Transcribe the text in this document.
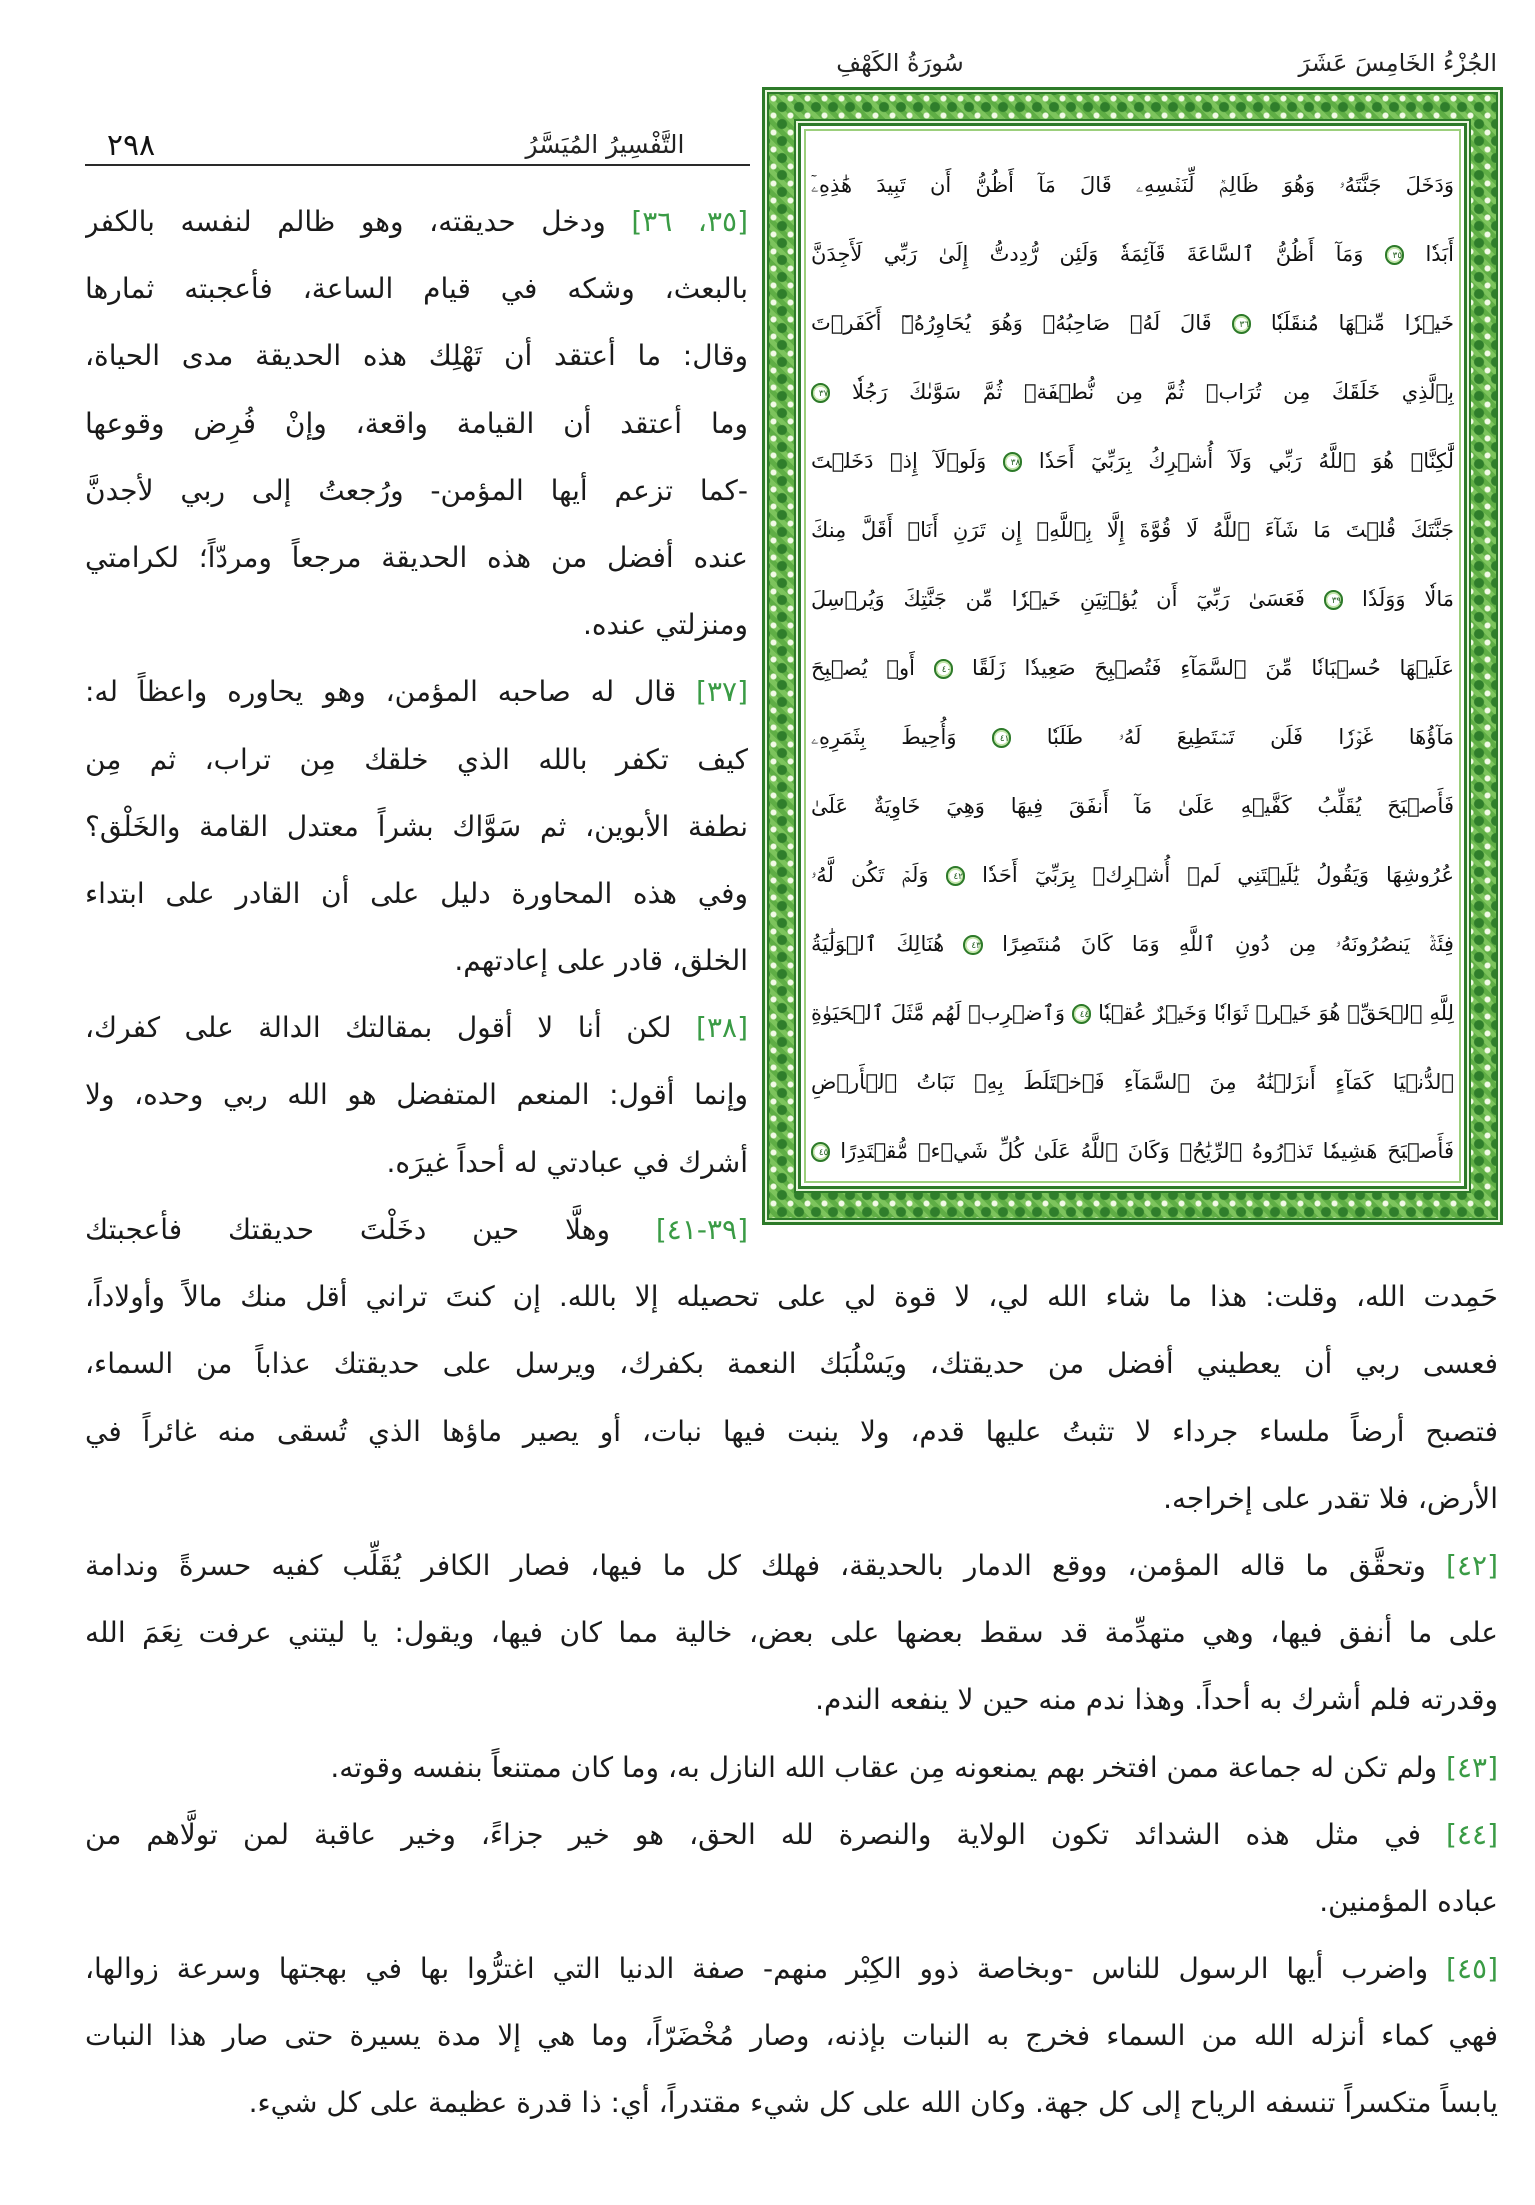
الجُزْءُ الخَامِسَ عَشَرَ
سُورَةُ الكَهْفِ
التَّفْسِيرُ المُيَسَّرُ
٢٩٨
وَدَخَلَ جَنَّتَهُۥ وَهُوَ ظَالِمٞ لِّنَفۡسِهِۦ قَالَ مَآ أَظُنُّ أَن تَبِيدَ هَٰذِهِۦٓ
أَبَدٗا ٣٥ وَمَآ أَظُنُّ ٱلسَّاعَةَ قَآئِمَةٗ وَلَئِن رُّدِدتُّ إِلَىٰ رَبِّي لَأَجِدَنَّ
خَيۡرٗا مِّنۡهَا مُنقَلَبٗا ٣٦ قَالَ لَهُۥ صَاحِبُهُۥ وَهُوَ يُحَاوِرُهُۥٓ أَكَفَرۡتَ
بِٱلَّذِي خَلَقَكَ مِن تُرَابٖ ثُمَّ مِن نُّطۡفَةٖ ثُمَّ سَوَّىٰكَ رَجُلٗا ٣٧
لَّٰكِنَّا۠ هُوَ ٱللَّهُ رَبِّي وَلَآ أُشۡرِكُ بِرَبِّيٓ أَحَدٗا ٣٨ وَلَوۡلَآ إِذۡ دَخَلۡتَ
جَنَّتَكَ قُلۡتَ مَا شَآءَ ٱللَّهُ لَا قُوَّةَ إِلَّا بِٱللَّهِۚ إِن تَرَنِ أَنَا۠ أَقَلَّ مِنكَ
مَالٗا وَوَلَدٗا ٣٩ فَعَسَىٰ رَبِّيٓ أَن يُؤۡتِيَنِ خَيۡرٗا مِّن جَنَّتِكَ وَيُرۡسِلَ
عَلَيۡهَا حُسۡبَانٗا مِّنَ ٱلسَّمَآءِ فَتُصۡبِحَ صَعِيدٗا زَلَقًا ٤٠ أَوۡ يُصۡبِحَ
مَآؤُهَا غَوۡرٗا فَلَن تَسۡتَطِيعَ لَهُۥ طَلَبٗا ٤١ وَأُحِيطَ بِثَمَرِهِۦ
فَأَصۡبَحَ يُقَلِّبُ كَفَّيۡهِ عَلَىٰ مَآ أَنفَقَ فِيهَا وَهِيَ خَاوِيَةٌ عَلَىٰ
عُرُوشِهَا وَيَقُولُ يَٰلَيۡتَنِي لَمۡ أُشۡرِكۡ بِرَبِّيٓ أَحَدٗا ٤٢ وَلَمۡ تَكُن لَّهُۥ
فِئَةٞ يَنصُرُونَهُۥ مِن دُونِ ٱللَّهِ وَمَا كَانَ مُنتَصِرًا ٤٣ هُنَالِكَ ٱلۡوَلَٰيَةُ
لِلَّهِ ٱلۡحَقِّۚ هُوَ خَيۡرٞ ثَوَابٗا وَخَيۡرٌ عُقۡبٗا ٤٤ وَٱضۡرِبۡ لَهُم مَّثَلَ ٱلۡحَيَوٰةِ
ٱلدُّنۡيَا كَمَآءٍ أَنزَلۡنَٰهُ مِنَ ٱلسَّمَآءِ فَٱخۡتَلَطَ بِهِۦ نَبَاتُ ٱلۡأَرۡضِ
فَأَصۡبَحَ هَشِيمٗا تَذۡرُوهُ ٱلرِّيَٰحُۗ وَكَانَ ٱللَّهُ عَلَىٰ كُلِّ شَيۡءٖ مُّقۡتَدِرًا ٤٥
[٣٥، ٣٦] ودخل حديقته، وهو ظالم لنفسه بالكفر
بالبعث، وشكه في قيام الساعة، فأعجبته ثمارها
وقال: ما أعتقد أن تَهْلِك هذه الحديقة مدى الحياة،
وما أعتقد أن القيامة واقعة، وإنْ فُرِض وقوعها
-كما تزعم أيها المؤمن- ورُجعتُ إلى ربي لأجدنَّ
عنده أفضل من هذه الحديقة مرجعاً ومردّاً؛ لكرامتي
ومنزلتي عنده.
[٣٧] قال له صاحبه المؤمن، وهو يحاوره واعظاً له:
كيف تكفر بالله الذي خلقك مِن تراب، ثم مِن
نطفة الأبوين، ثم سَوَّاك بشراً معتدل القامة والخَلْق؟
وفي هذه المحاورة دليل على أن القادر على ابتداء
الخلق، قادر على إعادتهم.
[٣٨] لكن أنا لا أقول بمقالتك الدالة على كفرك،
وإنما أقول: المنعم المتفضل هو الله ربي وحده، ولا
أشرك في عبادتي له أحداً غيرَه.
[٣٩-٤١] وهلَّا حين دخَلْتَ حديقتك فأعجبتك
حَمِدت الله، وقلت: هذا ما شاء الله لي، لا قوة لي على تحصيله إلا بالله. إن كنتَ تراني أقل منك مالاً وأولاداً،
فعسى ربي أن يعطيني أفضل من حديقتك، ويَسْلُبَك النعمة بكفرك، ويرسل على حديقتك عذاباً من السماء،
فتصبح أرضاً ملساء جرداء لا تثبتُ عليها قدم، ولا ينبت فيها نبات، أو يصير ماؤها الذي تُسقى منه غائراً في
الأرض، فلا تقدر على إخراجه.
[٤٢] وتحقَّق ما قاله المؤمن، ووقع الدمار بالحديقة، فهلك كل ما فيها، فصار الكافر يُقَلِّب كفيه حسرةً وندامة
على ما أنفق فيها، وهي متهدِّمة قد سقط بعضها على بعض، خالية مما كان فيها، ويقول: يا ليتني عرفت نِعَمَ الله
وقدرته فلم أشرك به أحداً. وهذا ندم منه حين لا ينفعه الندم.
[٤٣] ولم تكن له جماعة ممن افتخر بهم يمنعونه مِن عقاب الله النازل به، وما كان ممتنعاً بنفسه وقوته.
[٤٤] في مثل هذه الشدائد تكون الولاية والنصرة لله الحق، هو خير جزاءً، وخير عاقبة لمن تولَّاهم من
عباده المؤمنين.
[٤٥] واضرب أيها الرسول للناس -وبخاصة ذوو الكِبْر منهم- صفة الدنيا التي اغترُّوا بها في بهجتها وسرعة زوالها،
فهي كماء أنزله الله من السماء فخرج به النبات بإذنه، وصار مُخْضَرّاً، وما هي إلا مدة يسيرة حتى صار هذا النبات
يابساً متكسراً تنسفه الرياح إلى كل جهة. وكان الله على كل شيء مقتدراً، أي: ذا قدرة عظيمة على كل شيء.
